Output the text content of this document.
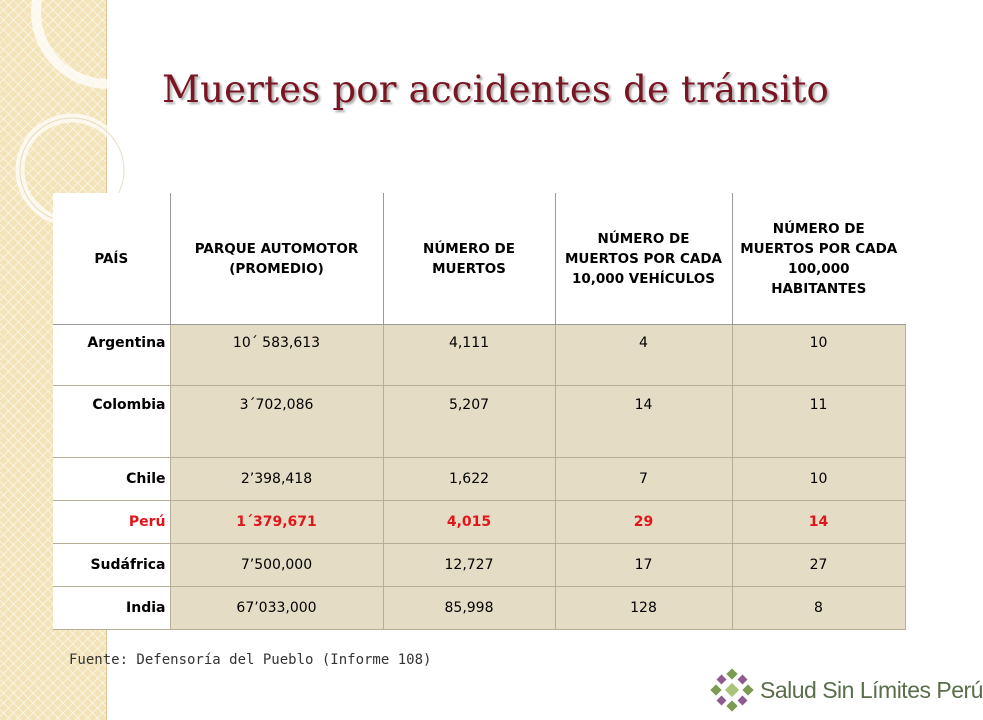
Muertes por accidentes de tránsito
PAÍS	PARQUE AUTOMOTOR (PROMEDIO)	NÚMERO DE MUERTOS	NÚMERO DE MUERTOS POR CADA 10,000 VEHÍCULOS	NÚMERO DE MUERTOS POR CADA 100,000 HABITANTES
Argentina	10´ 583,613	4,111	4	10
Colombia	3´702,086	5,207	14	11
Chile	2’398,418	1,622	7	10
Perú	1´379,671	4,015	29	14
Sudáfrica	7’500,000	12,727	17	27
India	67’033,000	85,998	128	8

Fuente: Defensoría del Pueblo (Informe 108)

Salud Sin Límites Perú
